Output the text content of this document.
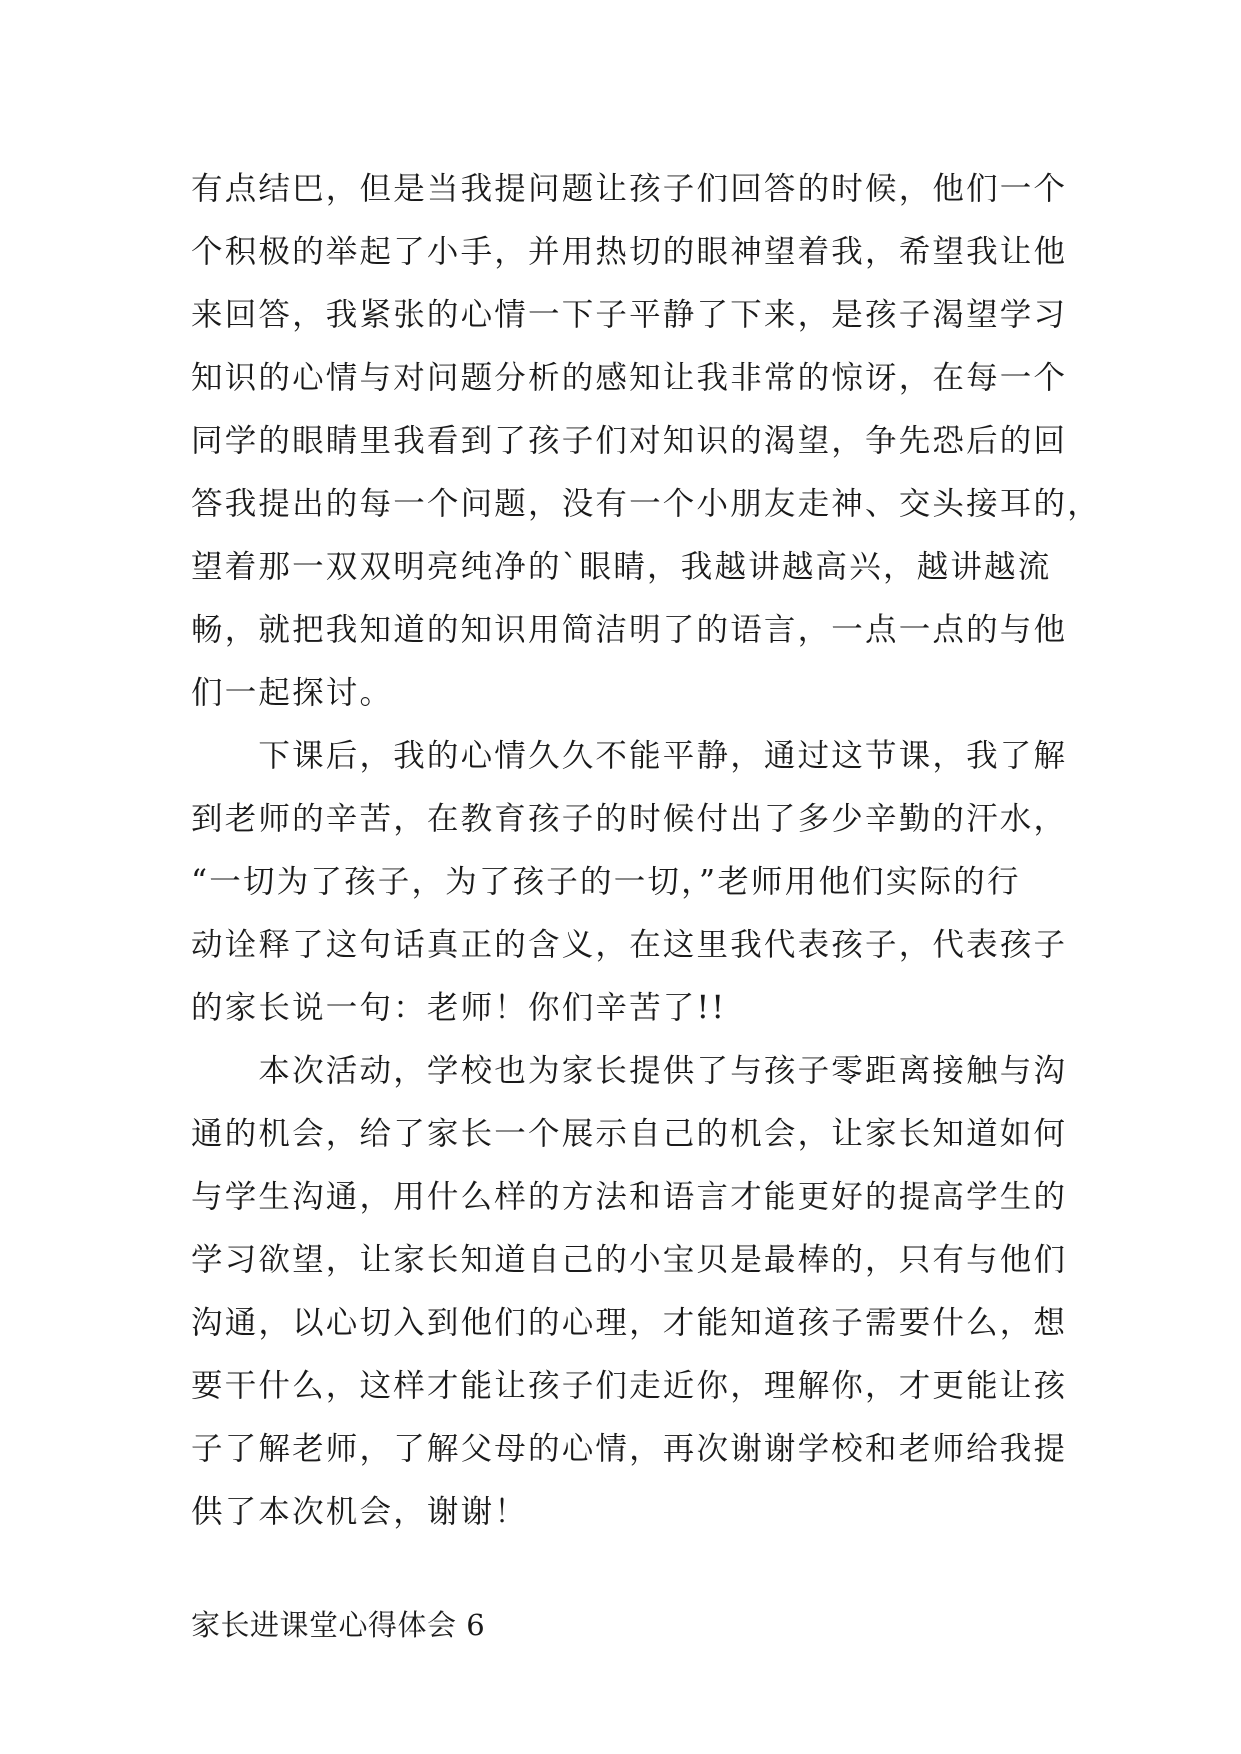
有点结巴，但是当我提问题让孩子们回答的时候，他们一个
个积极的举起了小手，并用热切的眼神望着我，希望我让他
来回答，我紧张的心情一下子平静了下来，是孩子渴望学习
知识的心情与对问题分析的感知让我非常的惊讶，在每一个
同学的眼睛里我看到了孩子们对知识的渴望，争先恐后的回
答我提出的每一个问题，没有一个小朋友走神、交头接耳的，
望着那一双双明亮纯净的`眼睛，我越讲越高兴，越讲越流
畅，就把我知道的知识用简洁明了的语言，一点一点的与他
们一起探讨。
　　下课后，我的心情久久不能平静，通过这节课，我了解
到老师的辛苦，在教育孩子的时候付出了多少辛勤的汗水，
“一切为了孩子，为了孩子的一切，”老师用他们实际的行
动诠释了这句话真正的含义，在这里我代表孩子，代表孩子
的家长说一句：老师！你们辛苦了!!
　　本次活动，学校也为家长提供了与孩子零距离接触与沟
通的机会，给了家长一个展示自己的机会，让家长知道如何
与学生沟通，用什么样的方法和语言才能更好的提高学生的
学习欲望，让家长知道自己的小宝贝是最棒的，只有与他们
沟通，以心切入到他们的心理，才能知道孩子需要什么，想
要干什么，这样才能让孩子们走近你，理解你，才更能让孩
子了解老师，了解父母的心情，再次谢谢学校和老师给我提
供了本次机会，谢谢！
家长进课堂心得体会 6
